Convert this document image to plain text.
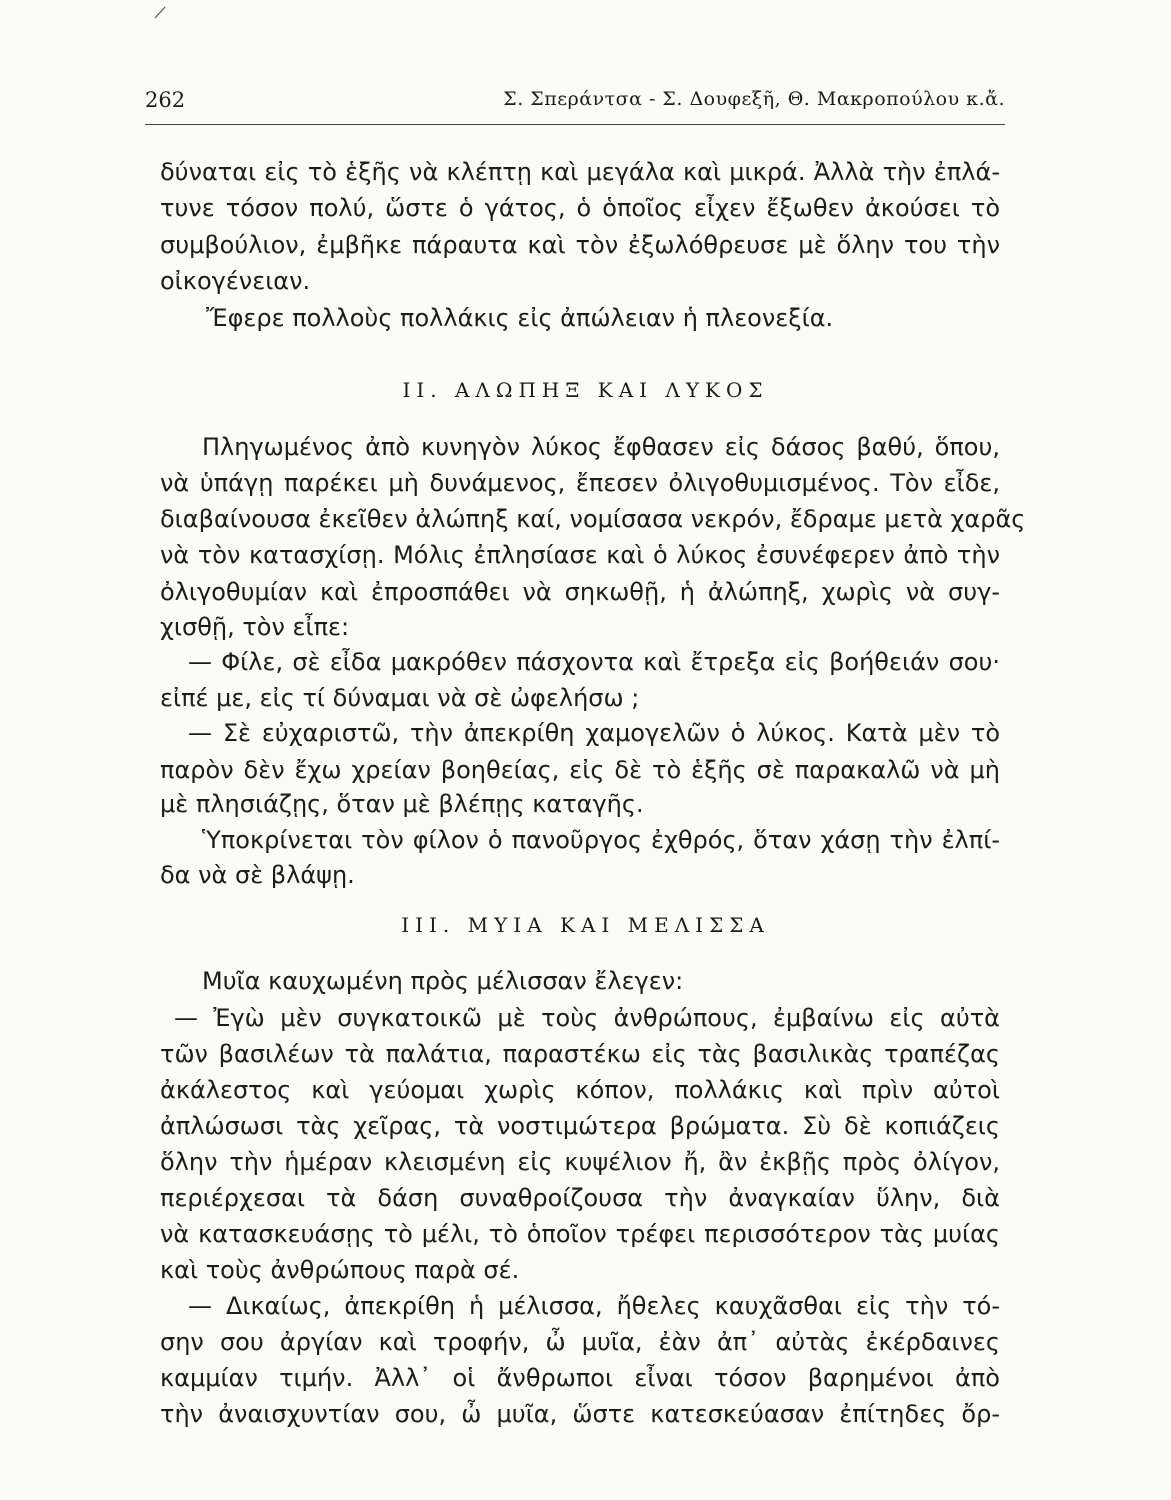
262	Σ. Σπεράντσα - Σ. Δουφεξῆ, Θ. Μακροπούλου κ.ἄ.
δύναται εἰς τὸ ἑξῆς νὰ κλέπτῃ καὶ μεγάλα καὶ μικρά. Ἀλλὰ τὴν ἐπλά-
τυνε τόσον πολύ, ὥστε ὁ γάτος, ὁ ὁποῖος εἶχεν ἔξωθεν ἀκούσει τὸ
συμβούλιον, ἐμβῆκε πάραυτα καὶ τὸν ἐξωλόθρευσε μὲ ὅλην του τὴν
οἰκογένειαν.
Ἔφερε πολλοὺς πολλάκις εἰς ἀπώλειαν ἡ πλεονεξία.
II. ΑΛΩΠΗΞ ΚΑΙ ΛΥΚΟΣ
Πληγωμένος ἀπὸ κυνηγὸν λύκος ἔφθασεν εἰς δάσος βαθύ, ὅπου,
νὰ ὑπάγῃ παρέκει μὴ δυνάμενος, ἔπεσεν ὀλιγοθυμισμένος. Τὸν εἶδε,
διαβαίνουσα ἐκεῖθεν ἀλώπηξ καί, νομίσασα νεκρόν, ἔδραμε μετὰ χαρᾶς
νὰ τὸν κατασχίσῃ. Μόλις ἐπλησίασε καὶ ὁ λύκος ἐσυνέφερεν ἀπὸ τὴν
ὀλιγοθυμίαν καὶ ἐπροσπάθει νὰ σηκωθῇ, ἡ ἀλώπηξ, χωρὶς νὰ συγ-
χισθῇ, τὸν εἶπε:
— Φίλε, σὲ εἶδα μακρόθεν πάσχοντα καὶ ἔτρεξα εἰς βοήθειάν σου·
εἰπέ με, εἰς τί δύναμαι νὰ σὲ ὠφελήσω ;
— Σὲ εὐχαριστῶ, τὴν ἀπεκρίθη χαμογελῶν ὁ λύκος. Κατὰ μὲν τὸ
παρὸν δὲν ἔχω χρείαν βοηθείας, εἰς δὲ τὸ ἑξῆς σὲ παρακαλῶ νὰ μὴ
μὲ πλησιάζῃς, ὅταν μὲ βλέπῃς καταγῆς.
Ὑποκρίνεται τὸν φίλον ὁ πανοῦργος ἐχθρός, ὅταν χάσῃ τὴν ἐλπί-
δα νὰ σὲ βλάψῃ.
III. ΜΥΙΑ ΚΑΙ ΜΕΛΙΣΣΑ
Μυῖα καυχωμένη πρὸς μέλισσαν ἔλεγεν:
— Ἐγὼ μὲν συγκατοικῶ μὲ τοὺς ἀνθρώπους, ἐμβαίνω εἰς αὐτὰ
τῶν βασιλέων τὰ παλάτια, παραστέκω εἰς τὰς βασιλικὰς τραπέζας
ἀκάλεστος καὶ γεύομαι χωρὶς κόπον, πολλάκις καὶ πρὶν αὐτοὶ
ἀπλώσωσι τὰς χεῖρας, τὰ νοστιμώτερα βρώματα. Σὺ δὲ κοπιάζεις
ὅλην τὴν ἡμέραν κλεισμένη εἰς κυψέλιον ἤ, ἂν ἐκβῇς πρὸς ὀλίγον,
περιέρχεσαι τὰ δάση συναθροίζουσα τὴν ἀναγκαίαν ὕλην, διὰ
νὰ κατασκευάσῃς τὸ μέλι, τὸ ὁποῖον τρέφει περισσότερον τὰς μυίας
καὶ τοὺς ἀνθρώπους παρὰ σέ.
— Δικαίως, ἀπεκρίθη ἡ μέλισσα, ἤθελες καυχᾶσθαι εἰς τὴν τό-
σην σου ἀργίαν καὶ τροφήν, ὦ μυῖα, ἐὰν ἀπ᾿ αὐτὰς ἐκέρδαινες
καμμίαν τιμήν. Ἀλλ᾿ οἱ ἄνθρωποι εἶναι τόσον βαρημένοι ἀπὸ
τὴν ἀναισχυντίαν σου, ὦ μυῖα, ὥστε κατεσκεύασαν ἐπίτηδες ὄρ-
